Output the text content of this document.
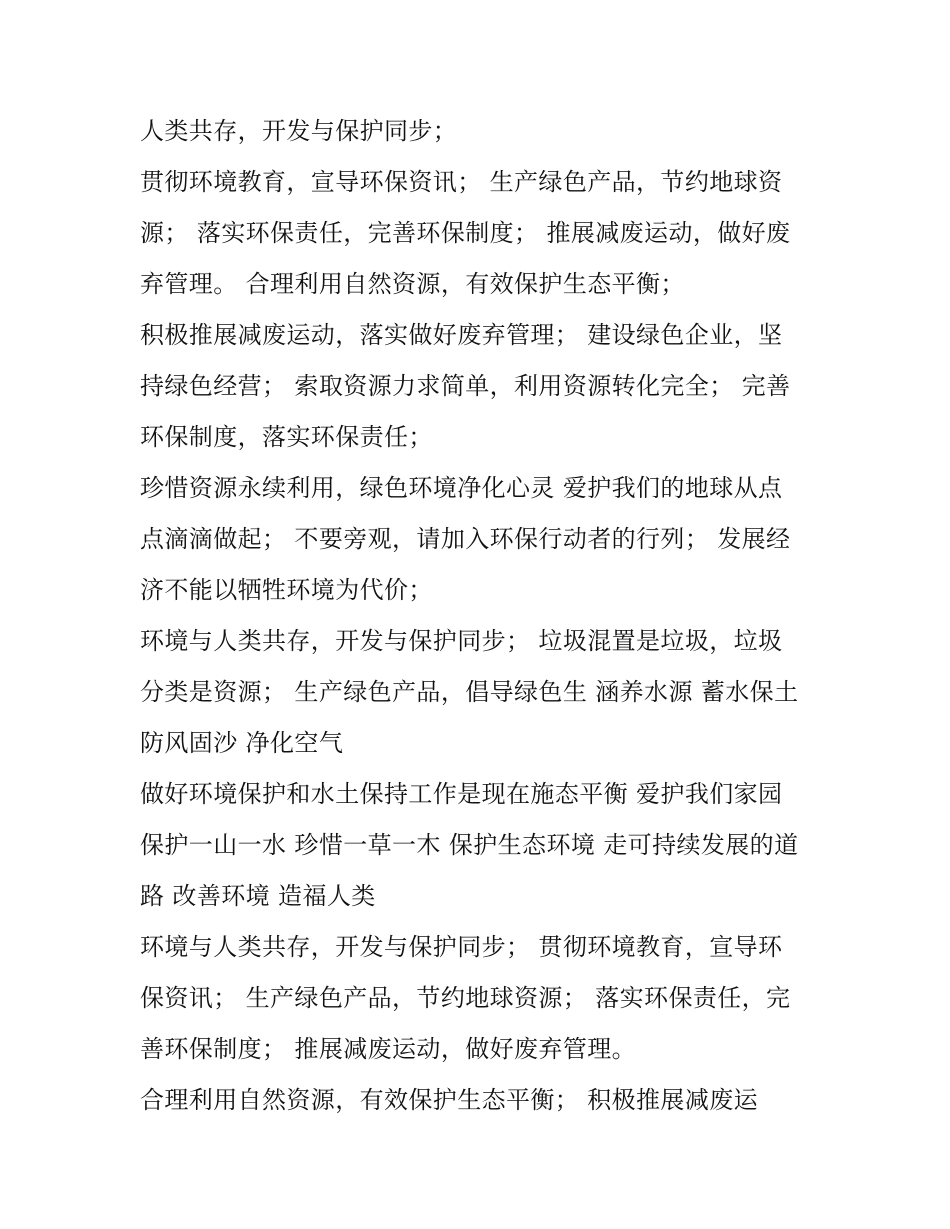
人类共存，开发与保护同步；
贯彻环境教育，宣导环保资讯； 生产绿色产品，节约地球资
源； 落实环保责任，完善环保制度； 推展减废运动，做好废
弃管理。 合理利用自然资源，有效保护生态平衡；
积极推展减废运动，落实做好废弃管理； 建设绿色企业，坚
持绿色经营； 索取资源力求简单，利用资源转化完全； 完善
环保制度，落实环保责任；
珍惜资源永续利用，绿色环境净化心灵 爱护我们的地球从点
点滴滴做起； 不要旁观，请加入环保行动者的行列； 发展经
济不能以牺牲环境为代价；
环境与人类共存，开发与保护同步； 垃圾混置是垃圾，垃圾
分类是资源； 生产绿色产品，倡导绿色生 涵养水源 蓄水保土
防风固沙 净化空气
做好环境保护和水土保持工作是现在施态平衡 爱护我们家园
保护一山一水 珍惜一草一木 保护生态环境 走可持续发展的道
路 改善环境 造福人类
环境与人类共存，开发与保护同步； 贯彻环境教育，宣导环
保资讯； 生产绿色产品，节约地球资源； 落实环保责任，完
善环保制度； 推展减废运动，做好废弃管理。
合理利用自然资源，有效保护生态平衡； 积极推展减废运
